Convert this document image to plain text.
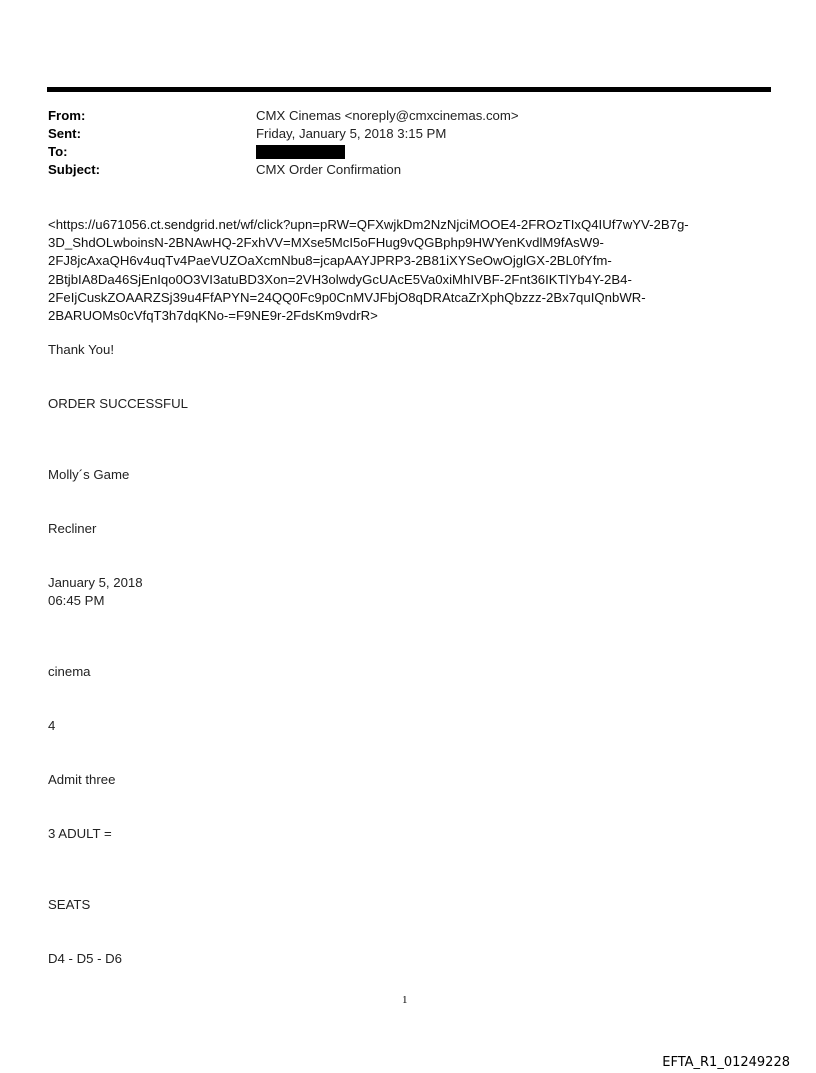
From:	CMX Cinemas <noreply@cmxcinemas.com>
Sent:	Friday, January 5, 2018 3:15 PM
To:
Subject:	CMX Order Confirmation
<https://u671056.ct.sendgrid.net/wf/click?upn=pRW=QFXwjkDm2NzNjciMOOE4-2FROzTIxQ4IUf7wYV-2B7g-
3D_ShdOLwboinsN-2BNAwHQ-2FxhVV=MXse5McI5oFHug9vQGBphp9HWYenKvdlM9fAsW9-
2FJ8jcAxaQH6v4uqTv4PaeVUZOaXcmNbu8=jcapAAYJPRP3-2B81iXYSeOwOjglGX-2BL0fYfm-
2BtjbIA8Da46SjEnIqo0O3VI3atuBD3Xon=2VH3olwdyGcUAcE5Va0xiMhIVBF-2Fnt36IKTlYb4Y-2B4-
2FeIjCuskZOAARZSj39u4FfAPYN=24QQ0Fc9p0CnMVJFbjO8qDRAtcaZrXphQbzzz-2Bx7quIQnbWR-
2BARUOMs0cVfqT3h7dqKNo-=F9NE9r-2FdsKm9vdrR>
Thank You!
ORDER SUCCESSFUL
Molly´s Game
Recliner
January 5, 2018
06:45 PM
cinema
4
Admit three
3 ADULT =
SEATS
D4 - D5 - D6
1
EFTA_R1_01249228
